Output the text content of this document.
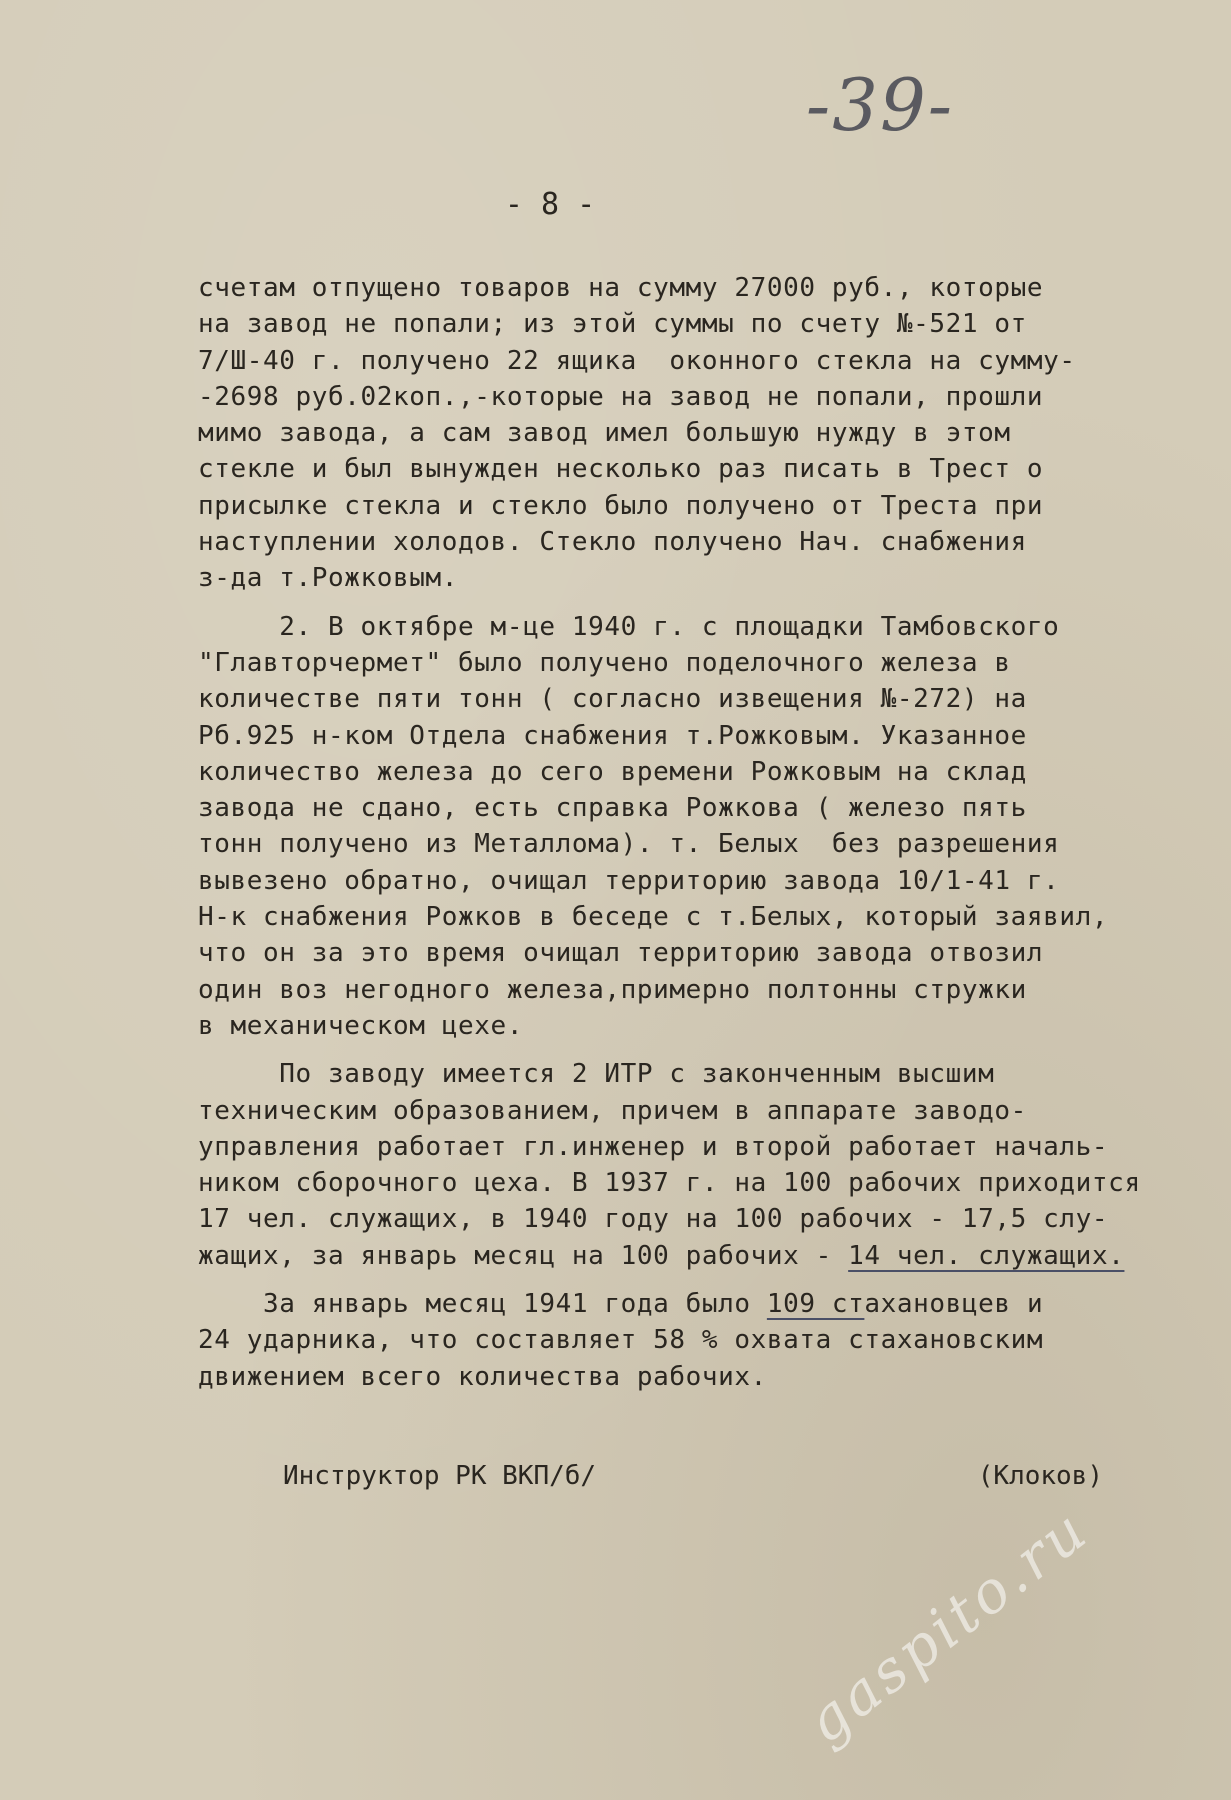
-39-
- 8 -
счетам отпущено товаров на сумму 27000 руб., которые
на завод не попали; из этой суммы по счету №-521 от
7/Ш-40 г. получено 22 ящика  оконного стекла на сумму-
-2698 руб.02коп.,-которые на завод не попали, прошли
мимо завода, а сам завод имел большую нужду в этом
стекле и был вынужден несколько раз писать в Трест о
присылке стекла и стекло было получено от Треста при
наступлении холодов. Стекло получено Нач. снабжения
з-да т.Рожковым.
2. В октябре м-це 1940 г. с площадки Тамбовского
"Главторчермет" было получено поделочного железа в
количестве пяти тонн ( согласно извещения №-272) на
Рб.925 н-ком Отдела снабжения т.Рожковым. Указанное
количество железа до сего времени Рожковым на склад
завода не сдано, есть справка Рожкова ( железо пять
тонн получено из Металлома). т. Белых  без разрешения
вывезено обратно, очищал территорию завода 10/1-41 г.
Н-к снабжения Рожков в беседе с т.Белых, который заявил,
что он за это время очищал территорию завода отвозил
один воз негодного железа,примерно полтонны стружки
в механическом цехе.
По заводу имеется 2 ИТР с законченным высшим
техническим образованием, причем в аппарате заводо-
управления работает гл.инженер и второй работает началь-
ником сборочного цеха. В 1937 г. на 100 рабочих приходится
17 чел. служащих, в 1940 году на 100 рабочих - 17,5 слу-
жащих, за январь месяц на 100 рабочих - 14 чел. служащих.
За январь месяц 1941 года было 109 стахановцев и
24 ударника, что составляет 58 % охвата стахановским
движением всего количества рабочих.
Инструктор РК ВКП/б/	(Клоков)
gaspito.ru
